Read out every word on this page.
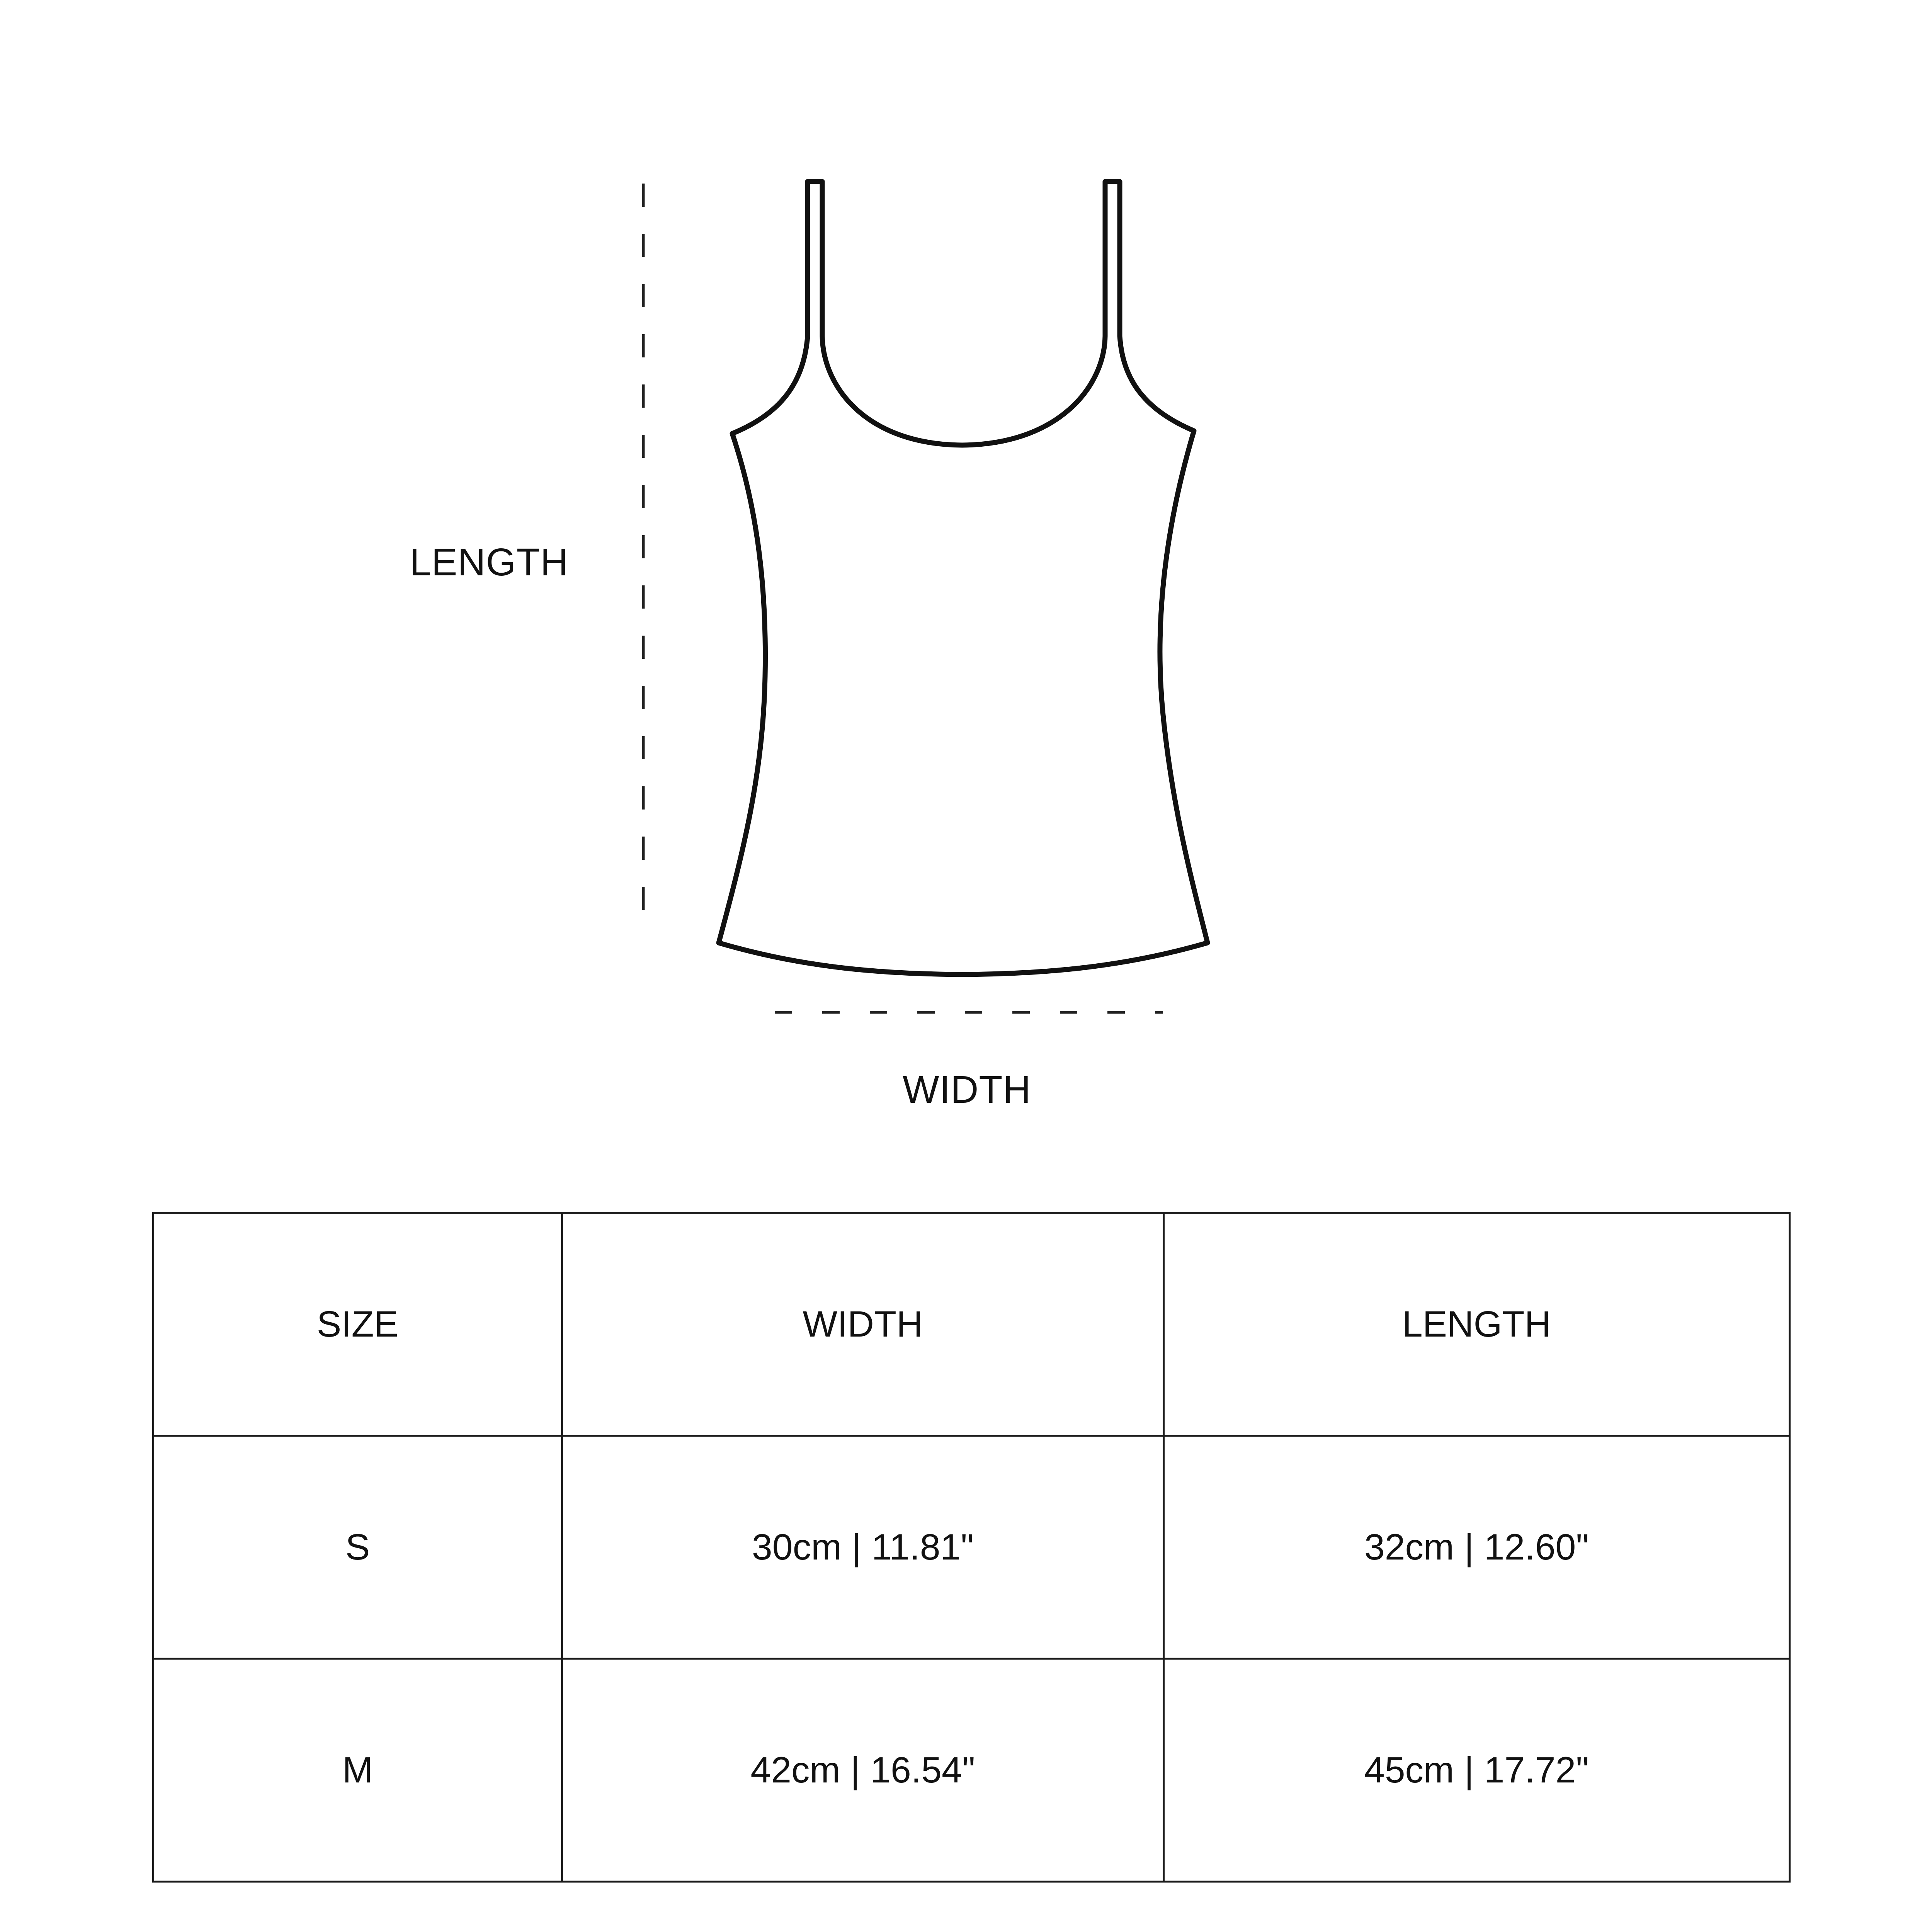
LENGTH
WIDTH
SIZE	WIDTH	LENGTH
S	30cm | 11.81"	32cm | 12.60"
M	42cm | 16.54"	45cm | 17.72"
